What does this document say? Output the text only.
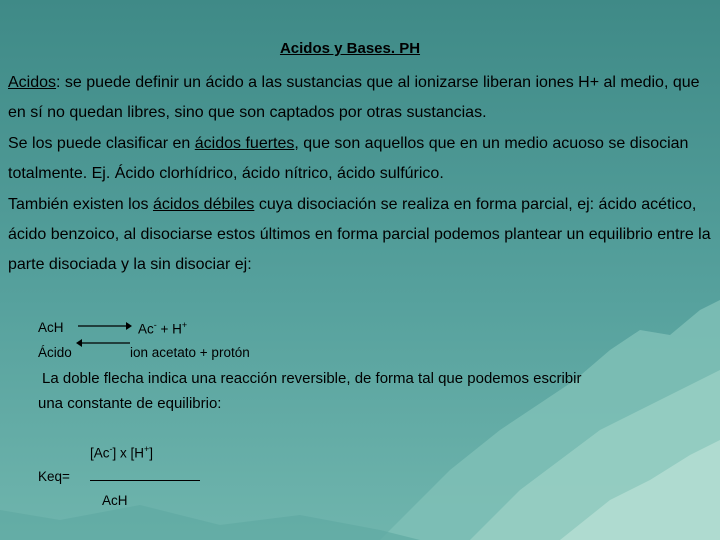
Acidos y Bases. PH

Acidos: se puede definir un ácido a las sustancias que al ionizarse liberan iones H+ al medio, que en sí no quedan libres, sino que son captados por otras sustancias.

Se los puede clasificar en ácidos fuertes, que son aquellos que en un medio acuoso se disocian totalmente. Ej. Ácido clorhídrico, ácido nítrico, ácido sulfúrico.

También existen los ácidos débiles cuya disociación se realiza en forma parcial, ej: ácido acético, ácido benzoico, al disociarse estos últimos en forma parcial podemos plantear un equilibrio entre la parte disociada y la sin disociar ej:

AcH ⇌ Ac- + H+
Ácido	ion acetato + protón
La doble flecha indica una reacción reversible, de forma tal que podemos escribir
una constante de equilibrio:
[Ac-] x [H+]
Keq=
AcH
